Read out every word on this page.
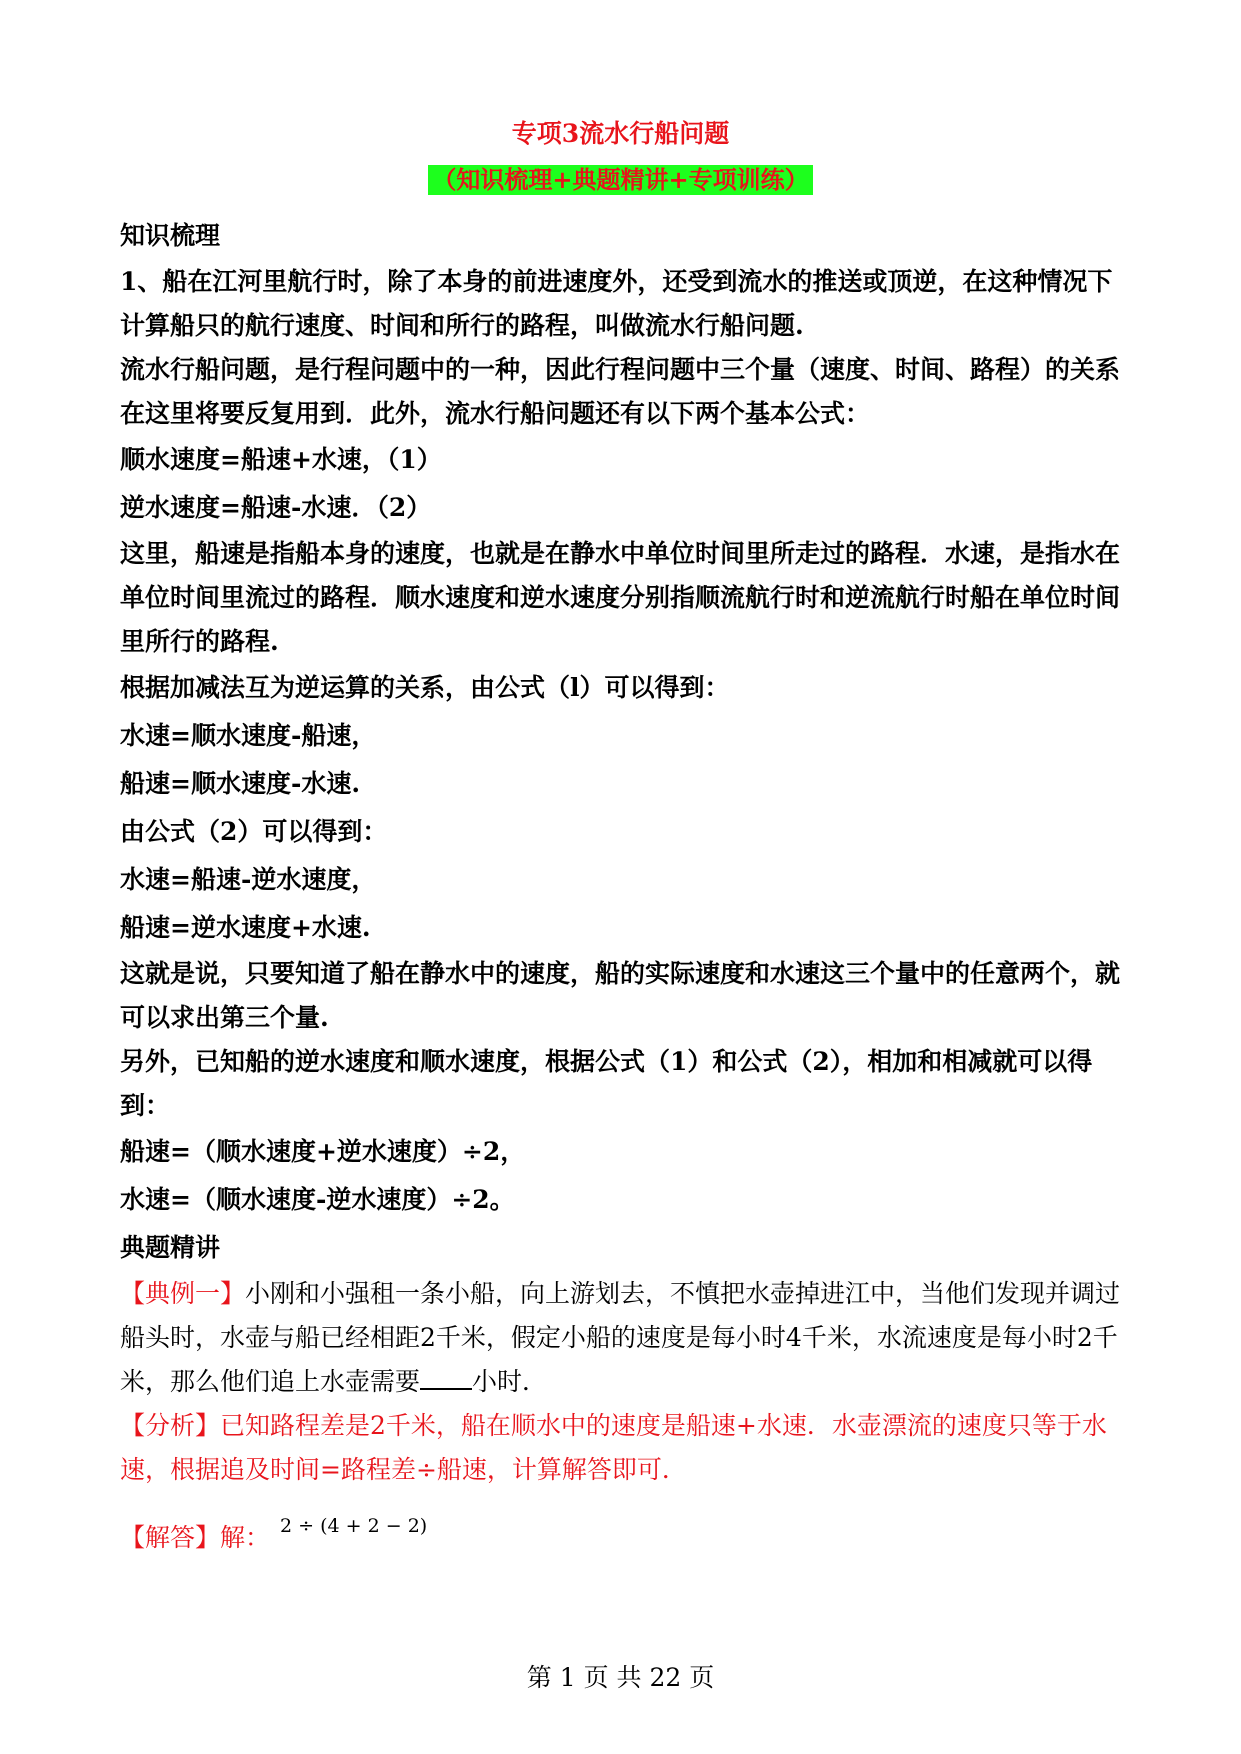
专项3流水行船问题
（知识梳理+典题精讲+专项训练）

知识梳理

1、船在江河里航行时，除了本身的前进速度外，还受到流水的推送或顶逆，在这种情况下计算船只的航行速度、时间和所行的路程，叫做流水行船问题.

流水行船问题，是行程问题中的一种，因此行程问题中三个量（速度、时间、路程）的关系在这里将要反复用到．此外，流水行船问题还有以下两个基本公式：

顺水速度=船速+水速，（1）

逆水速度=船速-水速．（2）

这里，船速是指船本身的速度，也就是在静水中单位时间里所走过的路程．水速，是指水在单位时间里流过的路程．顺水速度和逆水速度分别指顺流航行时和逆流航行时船在单位时间里所行的路程.

根据加减法互为逆运算的关系，由公式（l）可以得到：

水速=顺水速度-船速，

船速=顺水速度-水速.

由公式（2）可以得到：

水速=船速-逆水速度，

船速=逆水速度+水速.

这就是说，只要知道了船在静水中的速度，船的实际速度和水速这三个量中的任意两个，就可以求出第三个量.

另外，已知船的逆水速度和顺水速度，根据公式（1）和公式（2），相加和相减就可以得到：

船速=（顺水速度+逆水速度）÷2，

水速=（顺水速度-逆水速度）÷2。

典题精讲

【典例一】小刚和小强租一条小船，向上游划去，不慎把水壶掉进江中，当他们发现并调过船头时，水壶与船已经相距2千米，假定小船的速度是每小时4千米，水流速度是每小时2千米，那么他们追上水壶需要 小时．

【分析】已知路程差是2千米，船在顺水中的速度是船速+水速．水壶漂流的速度只等于水速，根据追及时间=路程差÷船速，计算解答即可．

【解答】解： $^{2 \div (4 + 2 - 2)}$

第 1 页 共 22 页
